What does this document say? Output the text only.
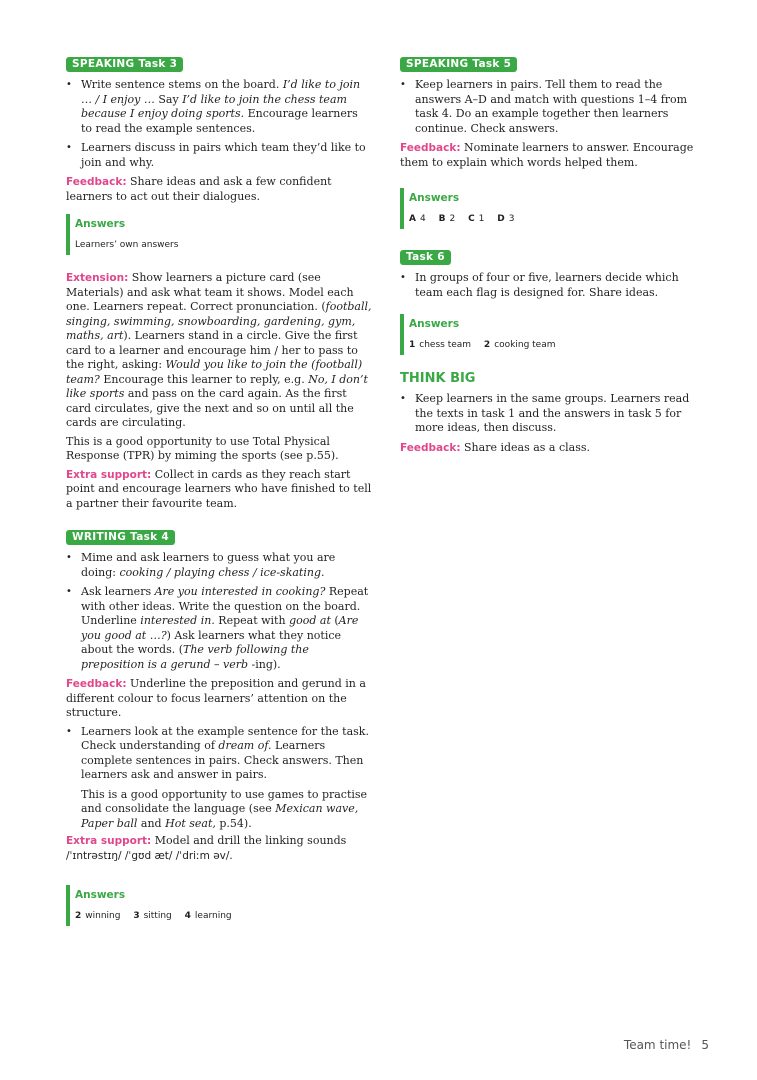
SPEAKING Task 3
• Write sentence stems on the board. I’d like to join … / I enjoy … Say I’d like to join the chess team because I enjoy doing sports. Encourage learners to read the example sentences.
• Learners discuss in pairs which team they’d like to join and why.

Feedback: Share ideas and ask a few confident learners to act out their dialogues.

Answers
Learners’ own answers

Extension: Show learners a picture card (see Materials) and ask what team it shows. Model each one. Learners repeat. Correct pronunciation. (football, singing, swimming, snowboarding, gardening, gym, maths, art). Learners stand in a circle. Give the first card to a learner and encourage him / her to pass to the right, asking: Would you like to join the (football) team? Encourage this learner to reply, e.g. No, I don’t like sports and pass on the card again. As the first card circulates, give the next and so on until all the cards are circulating.

This is a good opportunity to use Total Physical Response (TPR) by miming the sports (see p.55).

Extra support: Collect in cards as they reach start point and encourage learners who have finished to tell a partner their favourite team.

WRITING Task 4
• Mime and ask learners to guess what you are doing: cooking / playing chess / ice-skating.
• Ask learners Are you interested in cooking? Repeat with other ideas. Write the question on the board. Underline interested in. Repeat with good at (Are you good at …?) Ask learners what they notice about the words. (The verb following the preposition is a gerund – verb -ing).

Feedback: Underline the preposition and gerund in a different colour to focus learners’ attention on the structure.

• Learners look at the example sentence for the task. Check understanding of dream of. Learners complete sentences in pairs. Check answers. Then learners ask and answer in pairs.

This is a good opportunity to use games to practise and consolidate the language (see Mexican wave, Paper ball and Hot seat, p.54).

Extra support: Model and drill the linking sounds
/ˈɪntrəstɪŋ/ /ˈgʊd æt/ /ˈdriːm əv/.

Answers
2 winning 3 sitting 4 learning
SPEAKING Task 5
• Keep learners in pairs. Tell them to read the answers A–D and match with questions 1–4 from task 4. Do an example together then learners continue. Check answers.

Feedback: Nominate learners to answer. Encourage them to explain which words helped them.

Answers
A 4 B 2 C 1 D 3
Task 6
• In groups of four or five, learners decide which team each flag is designed for. Share ideas.
Answers
1 chess team 2 cooking team
THINK BIG
• Keep learners in the same groups. Learners read the texts in task 1 and the answers in task 5 for more ideas, then discuss.

Feedback: Share ideas as a class.

Team time! 5
